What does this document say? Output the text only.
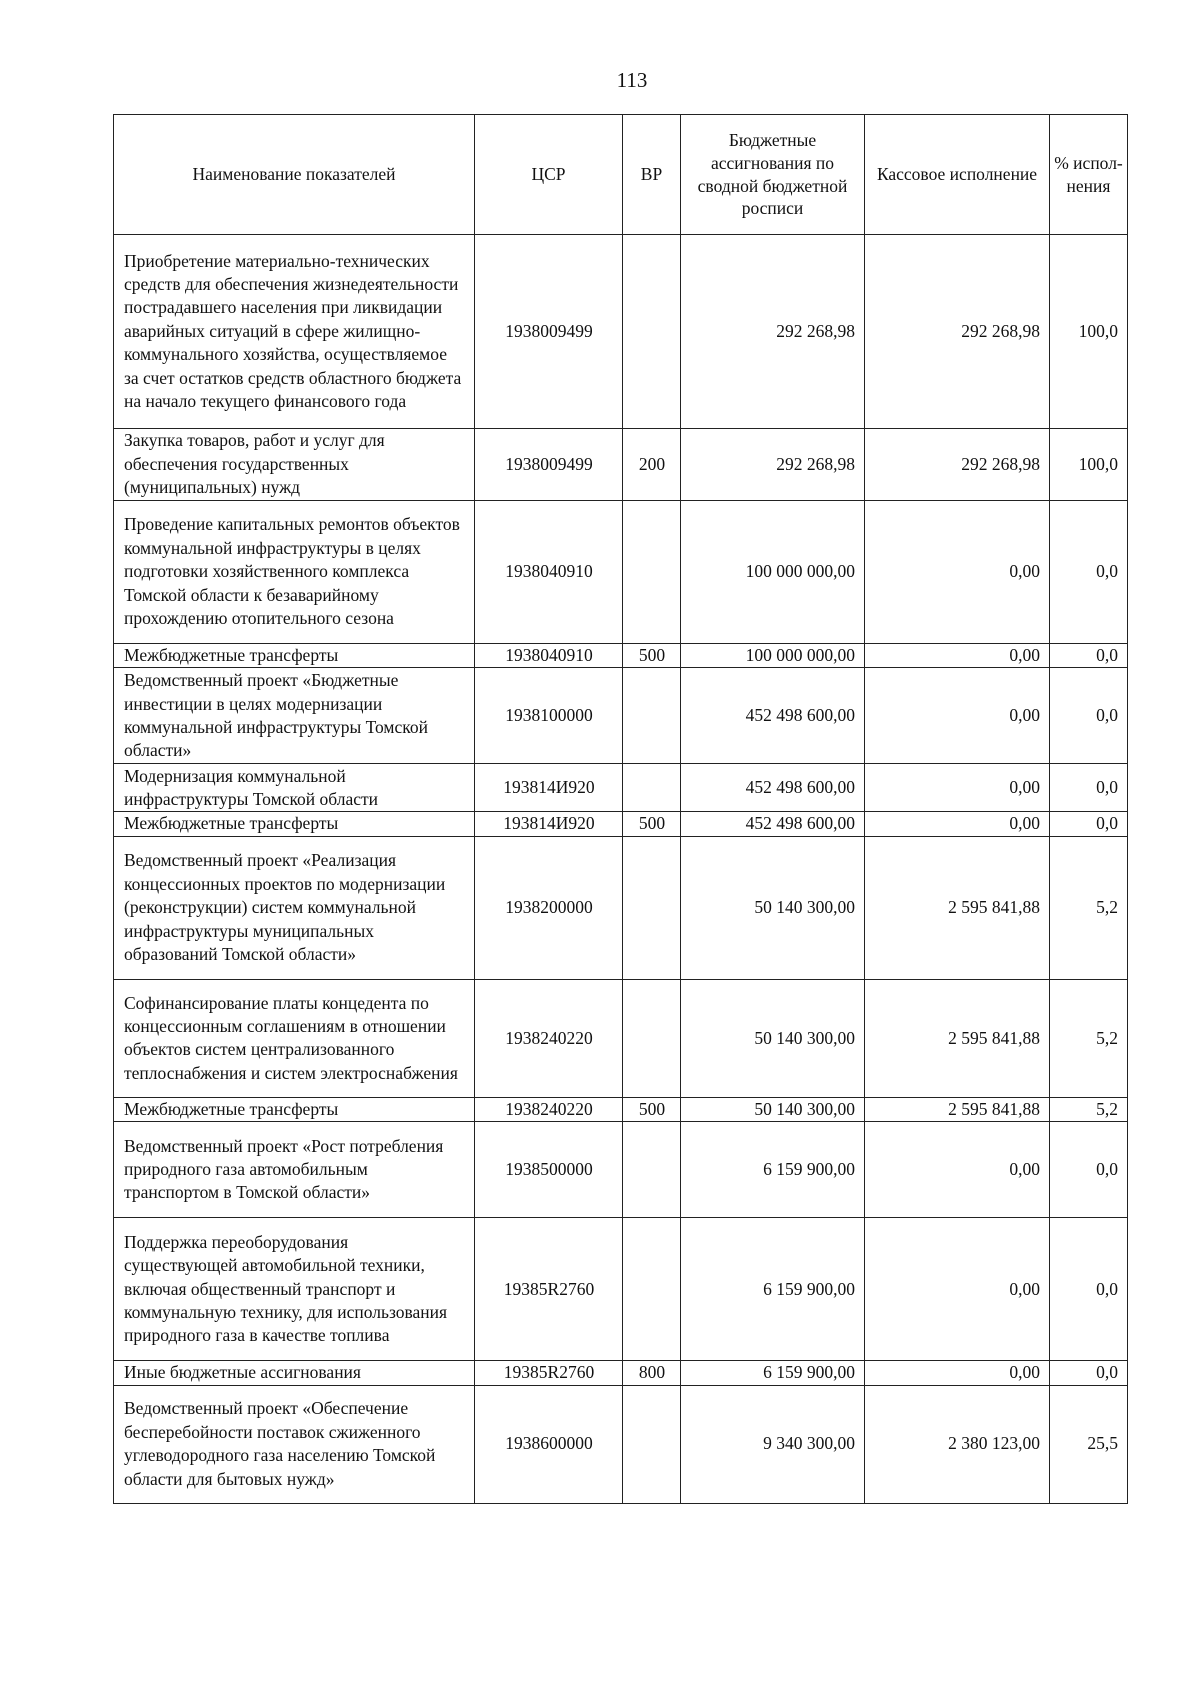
113
Наименование показателей	ЦСР	ВР	Бюджетные ассигнования по сводной бюджетной росписи	Кассовое исполнение	% испол-нения
Приобретение материально-технических средств для обеспечения жизнедеятельности пострадавшего населения при ликвидации аварийных ситуаций в сфере жилищно-коммунального хозяйства, осуществляемое за счет остатков средств областного бюджета на начало текущего финансового года	1938009499		292 268,98	292 268,98	100,0
Закупка товаров, работ и услуг для обеспечения государственных (муниципальных) нужд	1938009499	200	292 268,98	292 268,98	100,0
Проведение капитальных ремонтов объектов коммунальной инфраструктуры в целях подготовки хозяйственного комплекса Томской области к безаварийному прохождению отопительного сезона	1938040910		100 000 000,00	0,00	0,0
Межбюджетные трансферты	1938040910	500	100 000 000,00	0,00	0,0
Ведомственный проект «Бюджетные инвестиции в целях модернизации коммунальной инфраструктуры Томской области»	1938100000		452 498 600,00	0,00	0,0
Модернизация коммунальной инфраструктуры Томской области	193814И920		452 498 600,00	0,00	0,0
Межбюджетные трансферты	193814И920	500	452 498 600,00	0,00	0,0
Ведомственный проект «Реализация концессионных проектов по модернизации (реконструкции) систем коммунальной инфраструктуры муниципальных образований Томской области»	1938200000		50 140 300,00	2 595 841,88	5,2
Софинансирование платы концедента по концессионным соглашениям в отношении объектов систем централизованного теплоснабжения и систем электроснабжения	1938240220		50 140 300,00	2 595 841,88	5,2
Межбюджетные трансферты	1938240220	500	50 140 300,00	2 595 841,88	5,2
Ведомственный проект «Рост потребления природного газа автомобильным транспортом в Томской области»	1938500000		6 159 900,00	0,00	0,0
Поддержка переоборудования существующей автомобильной техники, включая общественный транспорт и коммунальную технику, для использования природного газа в качестве топлива	19385R2760		6 159 900,00	0,00	0,0
Иные бюджетные ассигнования	19385R2760	800	6 159 900,00	0,00	0,0
Ведомственный проект «Обеспечение бесперебойности поставок сжиженного углеводородного газа населению Томской области для бытовых нужд»	1938600000		9 340 300,00	2 380 123,00	25,5
